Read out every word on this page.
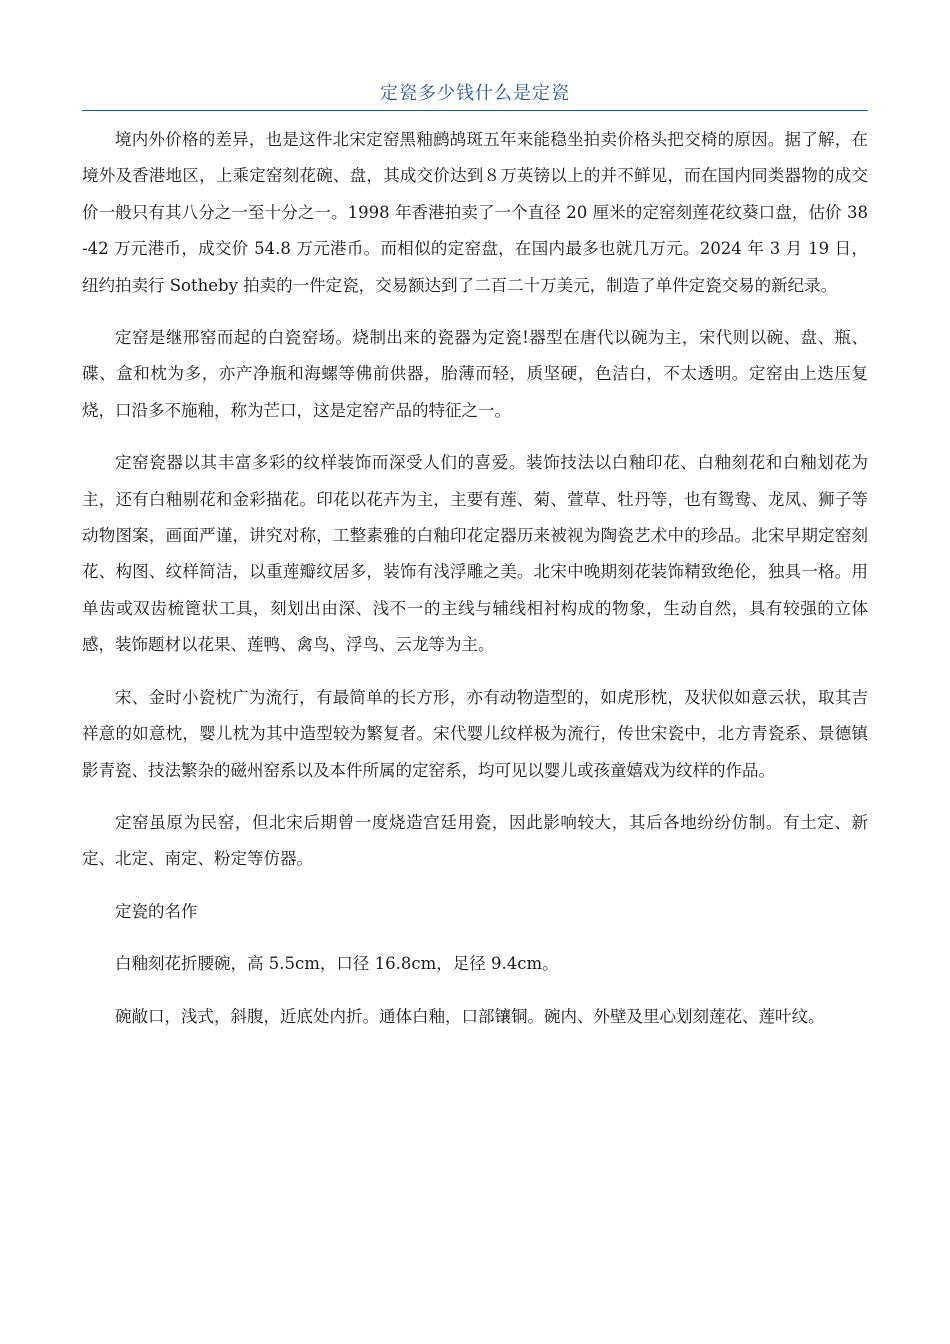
定瓷多少钱什么是定瓷

境内外价格的差异，也是这件北宋定窑黑釉鹧鸪斑五年来能稳坐拍卖价格头把交椅的原因。据了解，在境外及香港地区，上乘定窑刻花碗、盘，其成交价达到８万英镑以上的并不鲜见，而在国内同类器物的成交价一般只有其八分之一至十分之一。1998 年香港拍卖了一个直径 20 厘米的定窑刻莲花纹葵口盘，估价 38-42 万元港币，成交价 54.8 万元港币。而相似的定窑盘，在国内最多也就几万元。2024 年 3 月 19 日，纽约拍卖行 Sotheby 拍卖的一件定瓷，交易额达到了二百二十万美元，制造了单件定瓷交易的新纪录。

定窑是继邢窑而起的白瓷窑场。烧制出来的瓷器为定瓷!器型在唐代以碗为主，宋代则以碗、盘、瓶、碟、盒和枕为多，亦产净瓶和海螺等佛前供器，胎薄而轻，质坚硬，色洁白，不太透明。定窑由上迭压复烧，口沿多不施釉，称为芒口，这是定窑产品的特征之一。

定窑瓷器以其丰富多彩的纹样装饰而深受人们的喜爱。装饰技法以白釉印花、白釉刻花和白釉划花为主，还有白釉剔花和金彩描花。印花以花卉为主，主要有莲、菊、萱草、牡丹等，也有鸳鸯、龙凤、狮子等动物图案，画面严谨，讲究对称，工整素雅的白釉印花定器历来被视为陶瓷艺术中的珍品。北宋早期定窑刻花、构图、纹样简洁，以重莲瓣纹居多，装饰有浅浮雕之美。北宋中晚期刻花装饰精致绝伦，独具一格。用单齿或双齿梳篦状工具，刻划出由深、浅不一的主线与辅线相衬构成的物象，生动自然，具有较强的立体感，装饰题材以花果、莲鸭、禽鸟、浮鸟、云龙等为主。

宋、金时小瓷枕广为流行，有最简单的长方形，亦有动物造型的，如虎形枕，及状似如意云状，取其吉祥意的如意枕，婴儿枕为其中造型较为繁复者。宋代婴儿纹样极为流行，传世宋瓷中，北方青瓷系、景德镇影青瓷、技法繁杂的磁州窑系以及本件所属的定窑系，均可见以婴儿或孩童嬉戏为纹样的作品。

定窑虽原为民窑，但北宋后期曾一度烧造宫廷用瓷，因此影响较大，其后各地纷纷仿制。有土定、新定、北定、南定、粉定等仿器。

定瓷的名作

白釉刻花折腰碗，高 5.5cm，口径 16.8cm，足径 9.4cm。

碗敞口，浅式，斜腹，近底处内折。通体白釉，口部镶铜。碗内、外壁及里心划刻莲花、莲叶纹。
